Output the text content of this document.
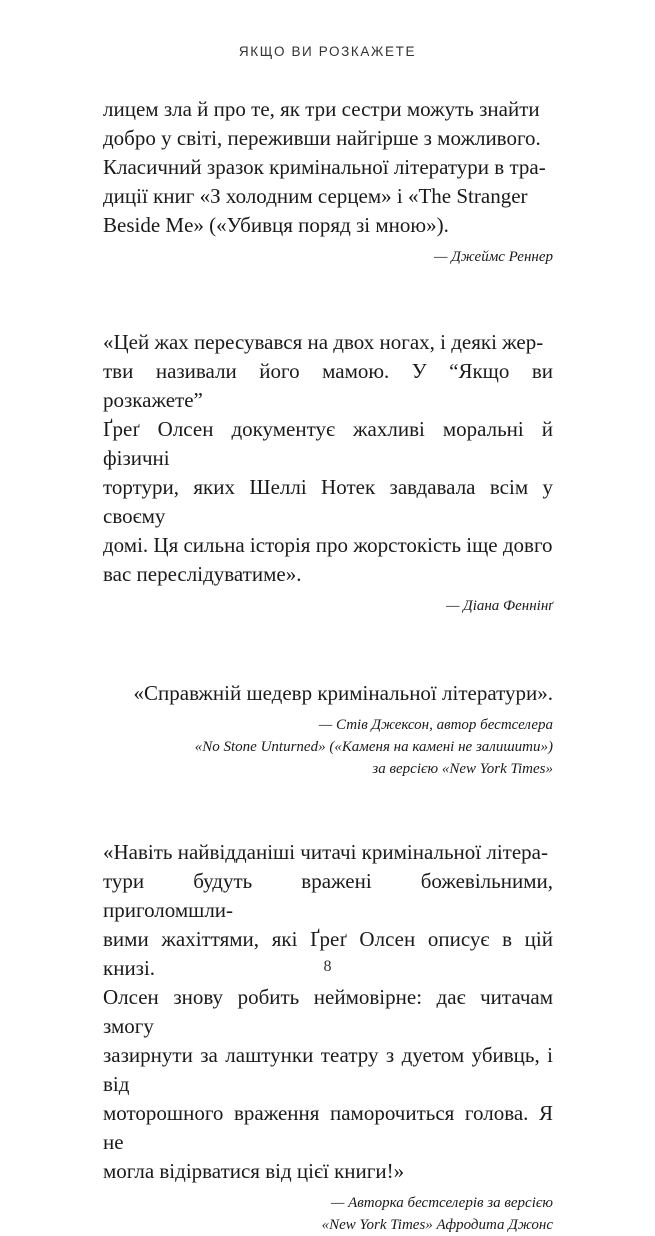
ЯКЩО ВИ РОЗКАЖЕТЕ

лицем зла й про те, як три сестри можуть знайти
добро у світі, переживши найгірше з можливого.
Класичний зразок кримінальної літератури в тра-
диції книг «З холодним серцем» і «The Stranger
Beside Me» («Убивця поряд зі мною»).

— Джеймс Реннер

«Цей жах пересувався на двох ногах, і деякі жер-
тви називали його мамою. У “Якщо ви розкажете”
Ґреґ Олсен документує жахливі моральні й фізичні
тортури, яких Шеллі Нотек завдавала всім у своєму
домі. Ця сильна історія про жорстокість іще довго
вас переслідуватиме».

— Діана Феннінґ

«Справжній шедевр кримінальної літератури».

— Стів Джексон, автор бестселера
«No Stone Unturned» («Каменя на камені не залишити»)
за версією «New York Times»

«Навіть найвідданіші читачі кримінальної літера-
тури будуть вражені божевільними, приголомшли-
вими жахіттями, які Ґреґ Олсен описує в цій книзі.
Олсен знову робить неймовірне: дає читачам змогу
зазирнути за лаштунки театру з дуетом убивць, і від
моторошного враження паморочиться голова. Я не
могла відірватися від цієї книги!»

— Авторка бестселерів за версією
«New York Times» Афродита Джонс

8
